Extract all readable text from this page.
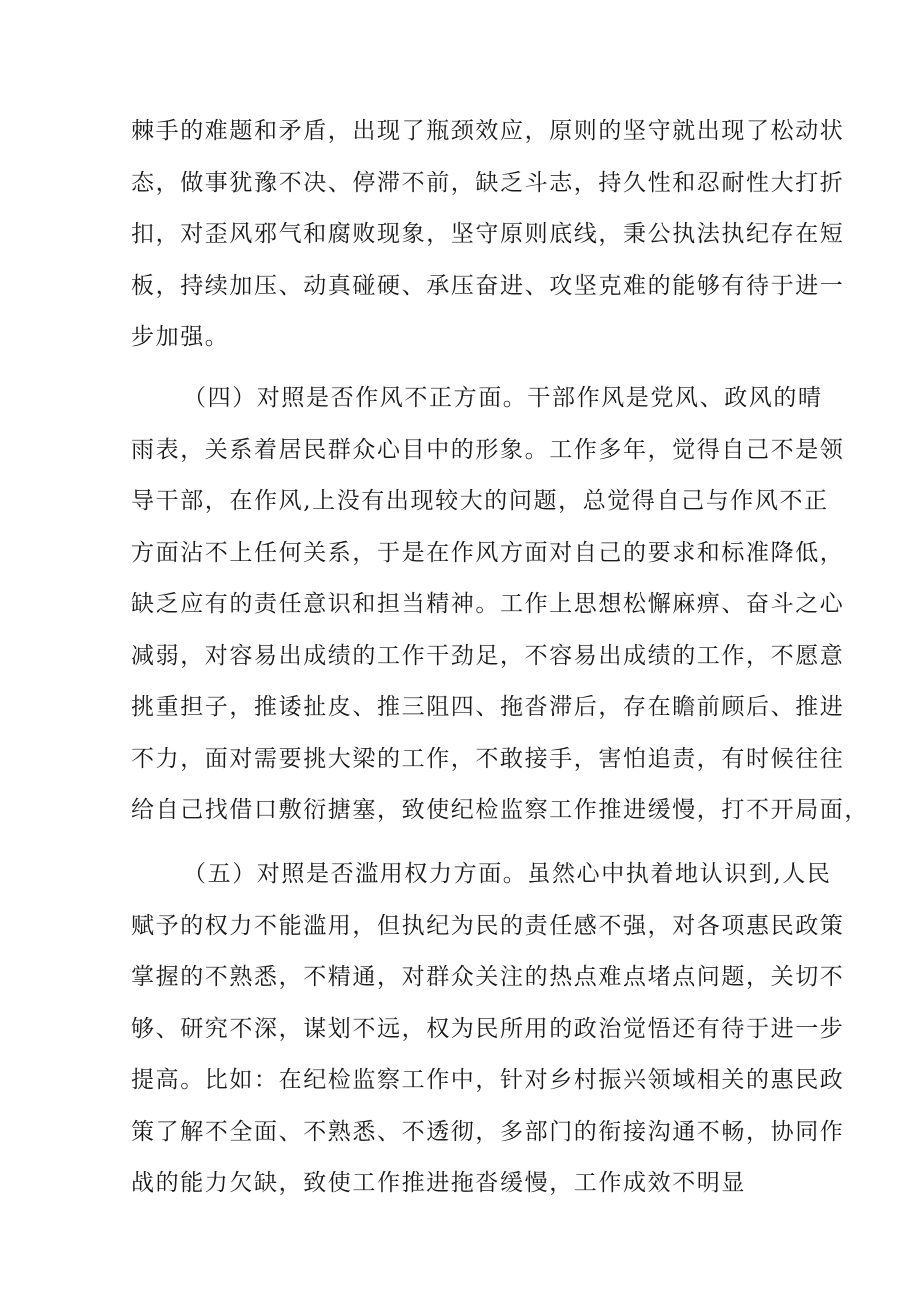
棘手的难题和矛盾，出现了瓶颈效应，原则的坚守就出现了松动状
态，做事犹豫不决、停滞不前，缺乏斗志，持久性和忍耐性大打折
扣，对歪风邪气和腐败现象，坚守原则底线，秉公执法执纪存在短
板，持续加压、动真碰硬、承压奋进、攻坚克难的能够有待于进一
步加强。
（四）对照是否作风不正方面。干部作风是党风、政风的晴
雨表，关系着居民群众心目中的形象。工作多年，觉得自己不是领
导干部，在作风,上没有出现较大的问题，总觉得自己与作风不正
方面沾不上任何关系，于是在作风方面对自己的要求和标准降低，
缺乏应有的责任意识和担当精神。工作上思想松懈麻痹、奋斗之心
减弱，对容易出成绩的工作干劲足，不容易出成绩的工作，不愿意
挑重担子，推诿扯皮、推三阻四、拖沓滞后，存在瞻前顾后、推进
不力，面对需要挑大梁的工作，不敢接手，害怕追责，有时候往往
给自己找借口敷衍搪塞，致使纪检监察工作推进缓慢，打不开局面，
（五）对照是否滥用权力方面。虽然心中执着地认识到,人民
赋予的权力不能滥用，但执纪为民的责任感不强，对各项惠民政策
掌握的不熟悉，不精通，对群众关注的热点难点堵点问题，关切不
够、研究不深，谋划不远，权为民所用的政治觉悟还有待于进一步
提高。比如：在纪检监察工作中，针对乡村振兴领域相关的惠民政
策了解不全面、不熟悉、不透彻，多部门的衔接沟通不畅，协同作
战的能力欠缺，致使工作推进拖沓缓慢，工作成效不明显
